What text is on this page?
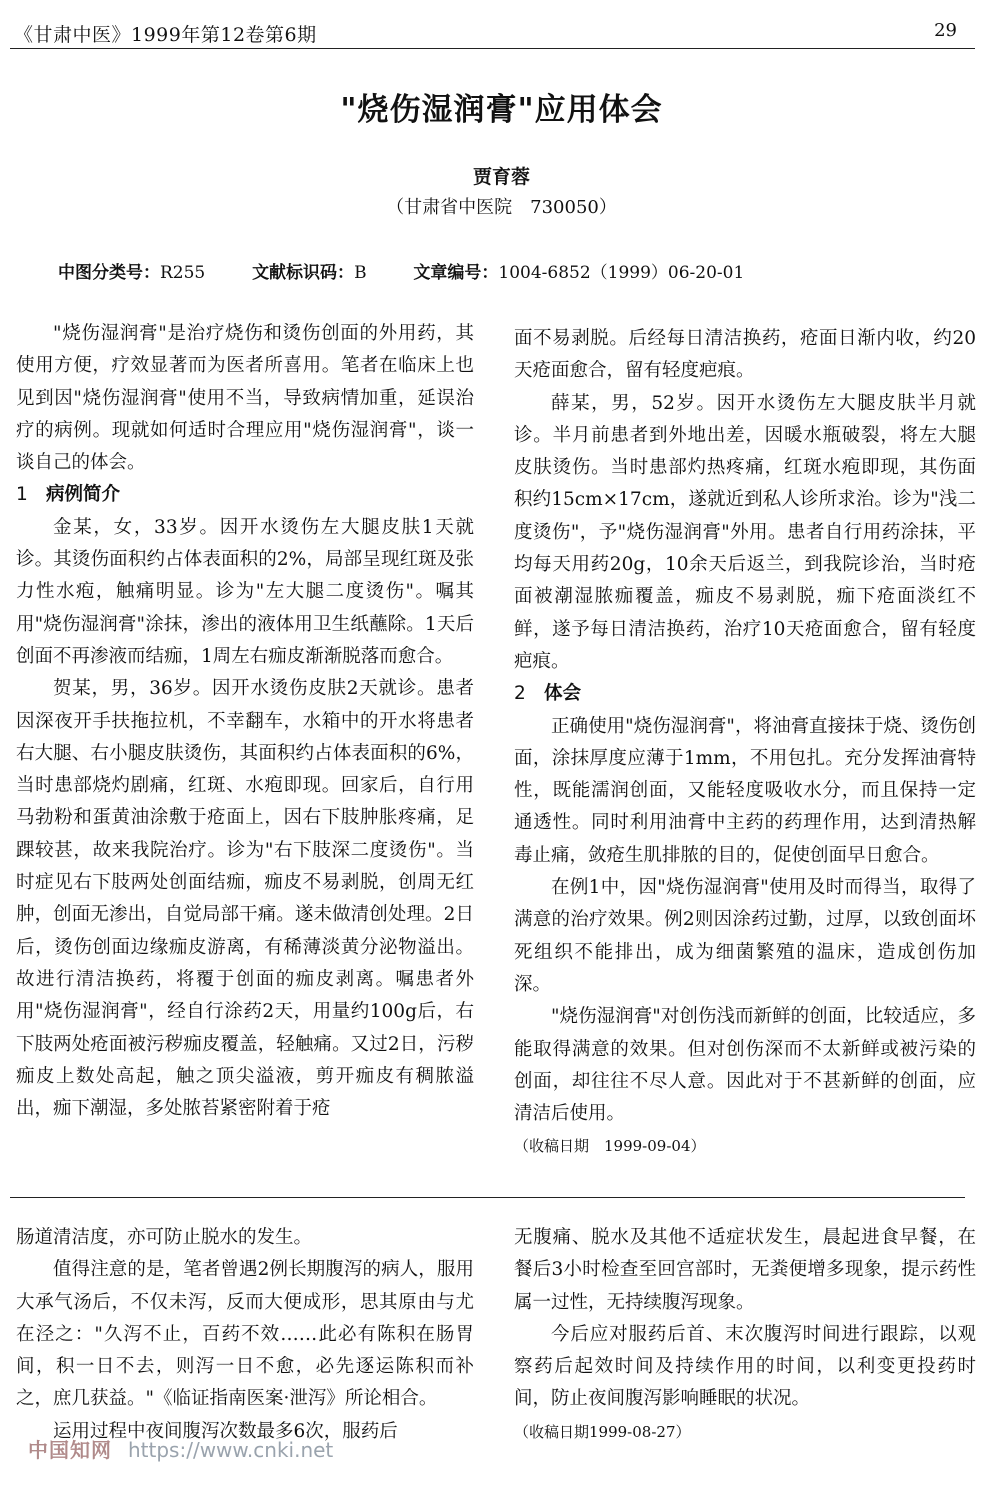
《甘肃中医》1999年第12卷第6期	29
"烧伤湿润膏"应用体会
贾育蓉
（甘肃省中医院　730050）
中图分类号：R255	文献标识码：B	文章编号：1004-6852（1999）06-20-01

"烧伤湿润膏"是治疗烧伤和烫伤创面的外用药，其使用方便，疗效显著而为医者所喜用。笔者在临床上也见到因"烧伤湿润膏"使用不当，导致病情加重，延误治疗的病例。现就如何适时合理应用"烧伤湿润膏"，谈一谈自己的体会。

1 病例简介

金某，女，33岁。因开水烫伤左大腿皮肤1天就诊。其烫伤面积约占体表面积的2%，局部呈现红斑及张力性水疱，触痛明显。诊为"左大腿二度烫伤"。嘱其用"烧伤湿润膏"涂抹，渗出的液体用卫生纸蘸除。1天后创面不再渗液而结痂，1周左右痂皮渐渐脱落而愈合。

贺某，男，36岁。因开水烫伤皮肤2天就诊。患者因深夜开手扶拖拉机，不幸翻车，水箱中的开水将患者右大腿、右小腿皮肤烫伤，其面积约占体表面积的6%，当时患部烧灼剧痛，红斑、水疱即现。回家后，自行用马勃粉和蛋黄油涂敷于疮面上，因右下肢肿胀疼痛，足踝较甚，故来我院治疗。诊为"右下肢深二度烫伤"。当时症见右下肢两处创面结痂，痂皮不易剥脱，创周无红肿，创面无渗出，自觉局部干痛。遂未做清创处理。2日后，烫伤创面边缘痂皮游离，有稀薄淡黄分泌物溢出。故进行清洁换药，将覆于创面的痂皮剥离。嘱患者外用"烧伤湿润膏"，经自行涂药2天，用量约100g后，右下肢两处疮面被污秽痂皮覆盖，轻触痛。又过2日，污秽痂皮上数处高起，触之顶尖溢液，剪开痂皮有稠脓溢出，痂下潮湿，多处脓苔紧密附着于疮

面不易剥脱。后经每日清洁换药，疮面日渐内收，约20天疮面愈合，留有轻度疤痕。

薛某，男，52岁。因开水烫伤左大腿皮肤半月就诊。半月前患者到外地出差，因暖水瓶破裂，将左大腿皮肤烫伤。当时患部灼热疼痛，红斑水疱即现，其伤面积约15cm×17cm，遂就近到私人诊所求治。诊为"浅二度烫伤"，予"烧伤湿润膏"外用。患者自行用药涂抹，平均每天用药20g，10余天后返兰，到我院诊治，当时疮面被潮湿脓痂覆盖，痂皮不易剥脱，痂下疮面淡红不鲜，遂予每日清洁换药，治疗10天疮面愈合，留有轻度疤痕。

2 体会

正确使用"烧伤湿润膏"，将油膏直接抹于烧、烫伤创面，涂抹厚度应薄于1mm，不用包扎。充分发挥油膏特性，既能濡润创面，又能轻度吸收水分，而且保持一定通透性。同时利用油膏中主药的药理作用，达到清热解毒止痛，敛疮生肌排脓的目的，促使创面早日愈合。

在例1中，因"烧伤湿润膏"使用及时而得当，取得了满意的治疗效果。例2则因涂药过勤，过厚，以致创面坏死组织不能排出，成为细菌繁殖的温床，造成创伤加深。

"烧伤湿润膏"对创伤浅而新鲜的创面，比较适应，多能取得满意的效果。但对创伤深而不太新鲜或被污染的创面，却往往不尽人意。因此对于不甚新鲜的创面，应清洁后使用。

（收稿日期　1999-09-04）

肠道清洁度，亦可防止脱水的发生。

值得注意的是，笔者曾遇2例长期腹泻的病人，服用大承气汤后，不仅未泻，反而大便成形，思其原由与尤在泾之："久泻不止，百药不效……此必有陈积在肠胃间，积一日不去，则泻一日不愈，必先逐运陈积而补之，庶几获益。"《临证指南医案·泄泻》所论相合。

运用过程中夜间腹泻次数最多6次，服药后

无腹痛、脱水及其他不适症状发生，晨起进食早餐，在餐后3小时检查至回宫部时，无粪便增多现象，提示药性属一过性，无持续腹泻现象。

今后应对服药后首、末次腹泻时间进行跟踪，以观察药后起效时间及持续作用的时间，以利变更投药时间，防止夜间腹泻影响睡眠的状况。

（收稿日期1999-08-27）

中国知网 https://www.cnki.net
